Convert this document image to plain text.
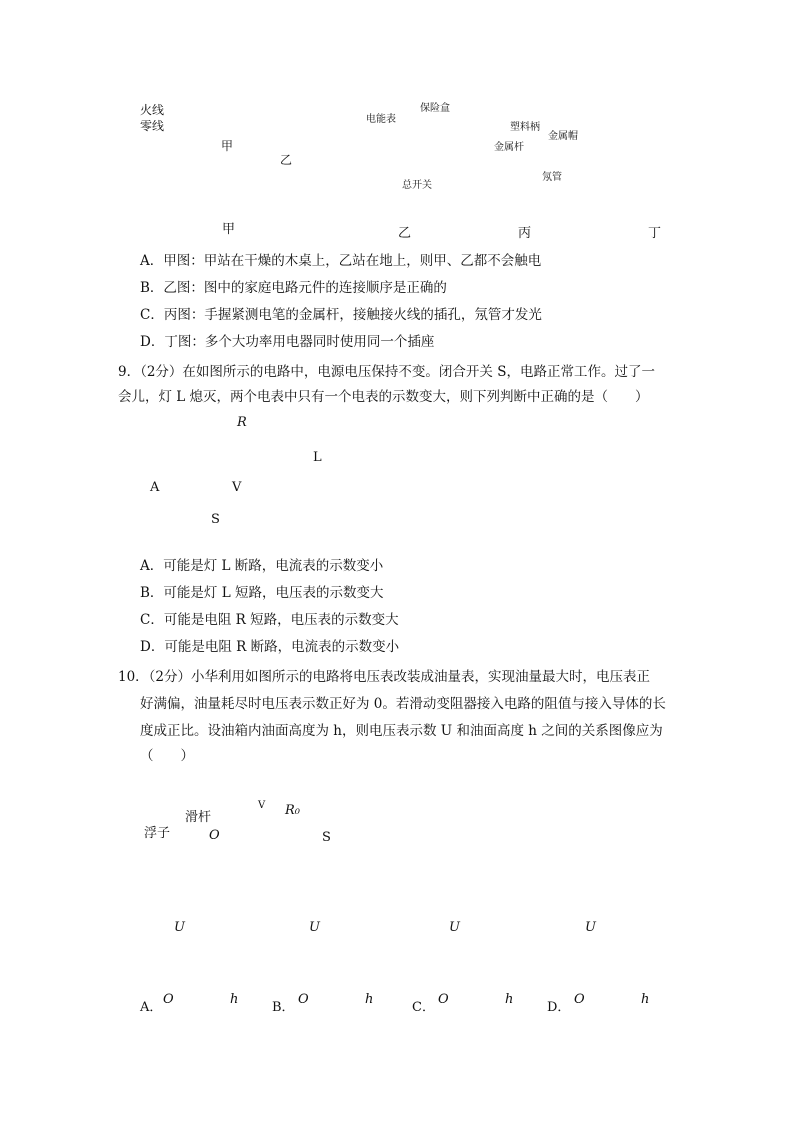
火线
零线
甲
乙
甲
电能表
保险盒
总开关
乙
塑料柄
金属帽
金属杆
氖管
丙	丁
A．甲图：甲站在干燥的木桌上，乙站在地上，则甲、乙都不会触电
B．乙图：图中的家庭电路元件的连接顺序是正确的
C．丙图：手握紧测电笔的金属杆，接触接火线的插孔，氖管才发光
D．丁图：多个大功率用电器同时使用同一个插座
9．（2分）在如图所示的电路中，电源电压保持不变。闭合开关 S，电路正常工作。过了一
会儿，灯 L 熄灭，两个电表中只有一个电表的示数变大，则下列判断中正确的是（　　）
R
L
A	V
S
A．可能是灯 L 断路，电流表的示数变小
B．可能是灯 L 短路，电压表的示数变大
C．可能是电阻 R 短路，电压表的示数变大
D．可能是电阻 R 断路，电流表的示数变小
10．（2分）小华利用如图所示的电路将电压表改装成油量表，实现油量最大时，电压表正
好满偏，油量耗尽时电压表示数正好为 0。若滑动变阻器接入电路的阻值与接入导体的长
度成正比。设油箱内油面高度为 h，则电压表示数 U 和油面高度 h 之间的关系图像应为
（　　）
浮子
滑杆
O
V R₀
S
U
h
O
A．
U
h
O
B．
U
h
O
C．
U
h
O
D．
